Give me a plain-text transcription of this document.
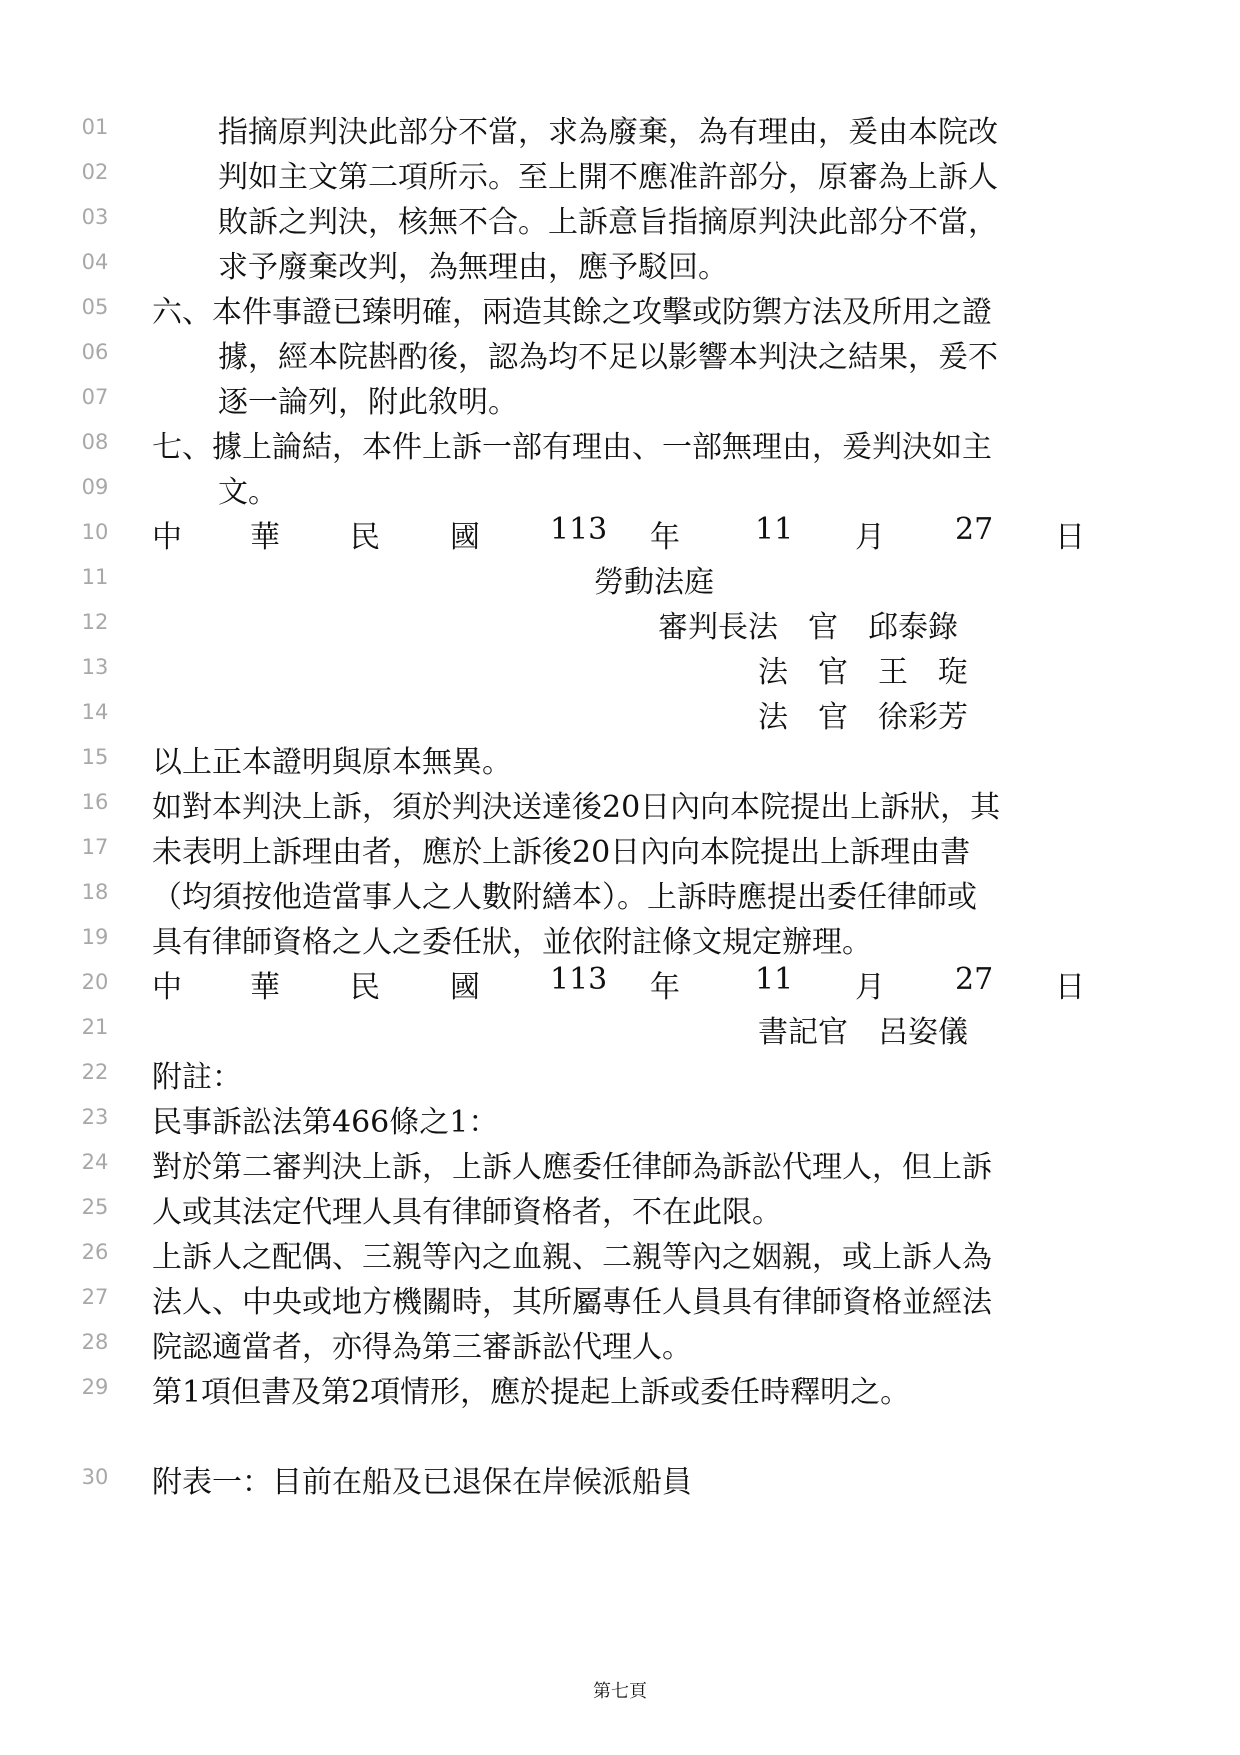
01	指摘原判決此部分不當，求為廢棄，為有理由，爰由本院改
02	判如主文第二項所示。至上開不應准許部分，原審為上訴人
03	敗訴之判決，核無不合。上訴意旨指摘原判決此部分不當，
04	求予廢棄改判，為無理由，應予駁回。
05	六、本件事證已臻明確，兩造其餘之攻擊或防禦方法及所用之證
06	據，經本院斟酌後，認為均不足以影響本判決之結果，爰不
07	逐一論列，附此敘明。
08	七、據上論結，本件上訴一部有理由、一部無理由，爰判決如主
09	文。
10	中 華 民 國 113 年	11 月 27 日
11	勞動法庭
12	審判長法　官　邱泰錄
13	法　官　王　琁
14	法　官　徐彩芳
15	以上正本證明與原本無異。
16	如對本判決上訴，須於判決送達後20日內向本院提出上訴狀，其
17	未表明上訴理由者，應於上訴後20日內向本院提出上訴理由書
18	（均須按他造當事人之人數附繕本）。上訴時應提出委任律師或
19	具有律師資格之人之委任狀，並依附註條文規定辦理。
20	中 華 民 國 113 年	11 月 27 日
21	書記官　呂姿儀
22	附註：
23	民事訴訟法第466條之1：
24	對於第二審判決上訴，上訴人應委任律師為訴訟代理人，但上訴
25	人或其法定代理人具有律師資格者，不在此限。
26	上訴人之配偶、三親等內之血親、二親等內之姻親，或上訴人為
27	法人、中央或地方機關時，其所屬專任人員具有律師資格並經法
28	院認適當者，亦得為第三審訴訟代理人。
29	第1項但書及第2項情形，應於提起上訴或委任時釋明之。
30	附表一：目前在船及已退保在岸候派船員
第七頁
